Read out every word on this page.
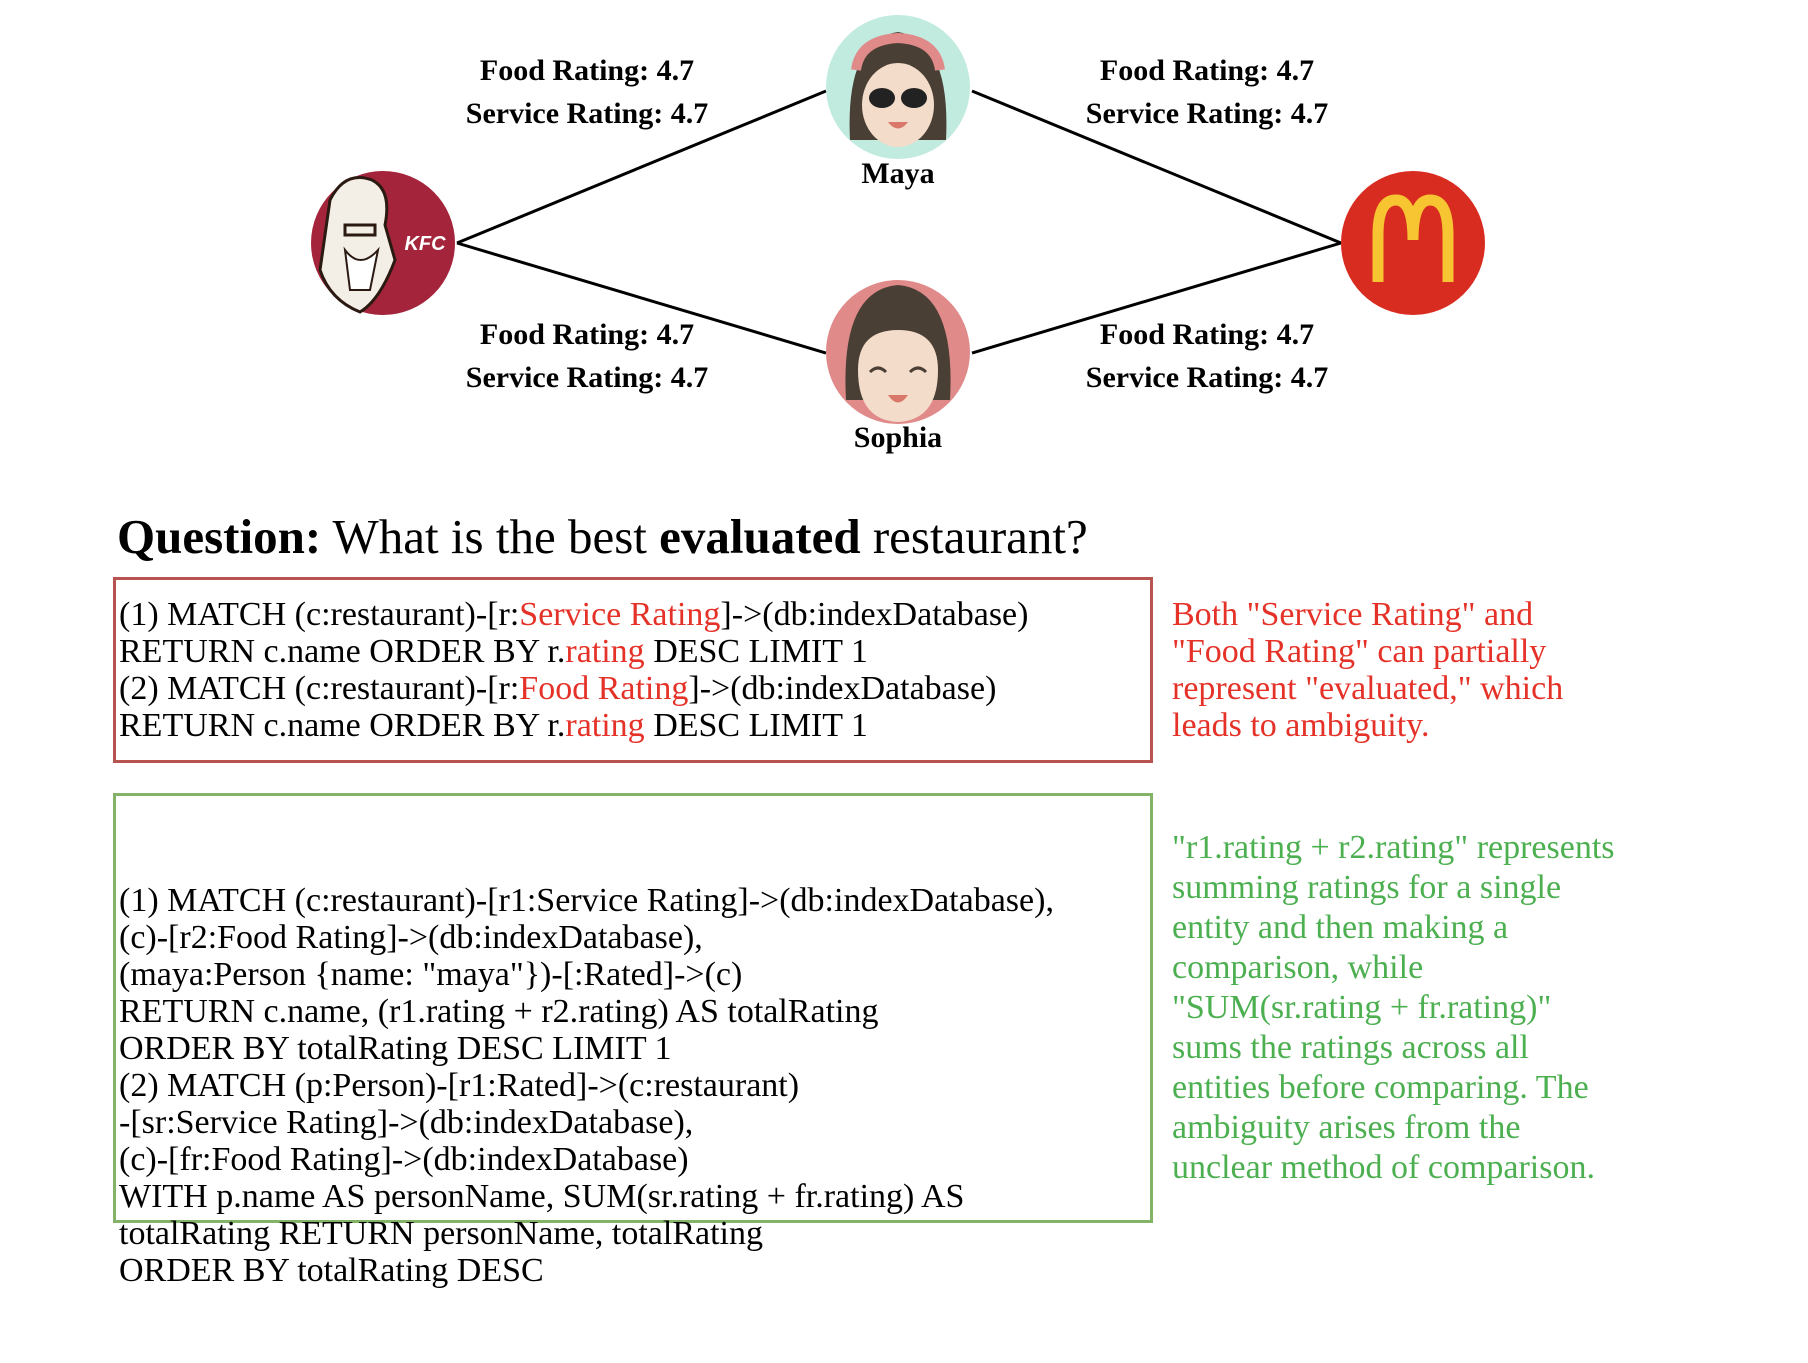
KFC
Food Rating: 4.7
Service Rating: 4.7
Food Rating: 4.7
Service Rating: 4.7
Food Rating: 4.7
Service Rating: 4.7
Food Rating: 4.7
Service Rating: 4.7
Maya
Sophia
Question: What is the best evaluated restaurant?
(1) MATCH (c:restaurant)-[r:Service Rating]->(db:indexDatabase)
RETURN c.name ORDER BY r.rating DESC LIMIT 1
(2) MATCH (c:restaurant)-[r:Food Rating]->(db:indexDatabase)
RETURN c.name ORDER BY r.rating DESC LIMIT 1
Both "Service Rating" and
"Food Rating" can partially
represent "evaluated," which
leads to ambiguity.

(1) MATCH (c:restaurant)-[r1:Service Rating]->(db:indexDatabase),
(c)-[r2:Food Rating]->(db:indexDatabase),
(maya:Person {name: "maya"})-[:Rated]->(c)
RETURN c.name, (r1.rating + r2.rating) AS totalRating
ORDER BY totalRating DESC LIMIT 1
(2) MATCH (p:Person)-[r1:Rated]->(c:restaurant)
-[sr:Service Rating]->(db:indexDatabase),
(c)-[fr:Food Rating]->(db:indexDatabase)
WITH p.name AS personName, SUM(sr.rating + fr.rating) AS
totalRating RETURN personName, totalRating
ORDER BY totalRating DESC

"r1.rating + r2.rating" represents
summing ratings for a single
entity and then making a
comparison, while
"SUM(sr.rating + fr.rating)"
sums the ratings across all
entities before comparing. The
ambiguity arises from the
unclear method of comparison.
